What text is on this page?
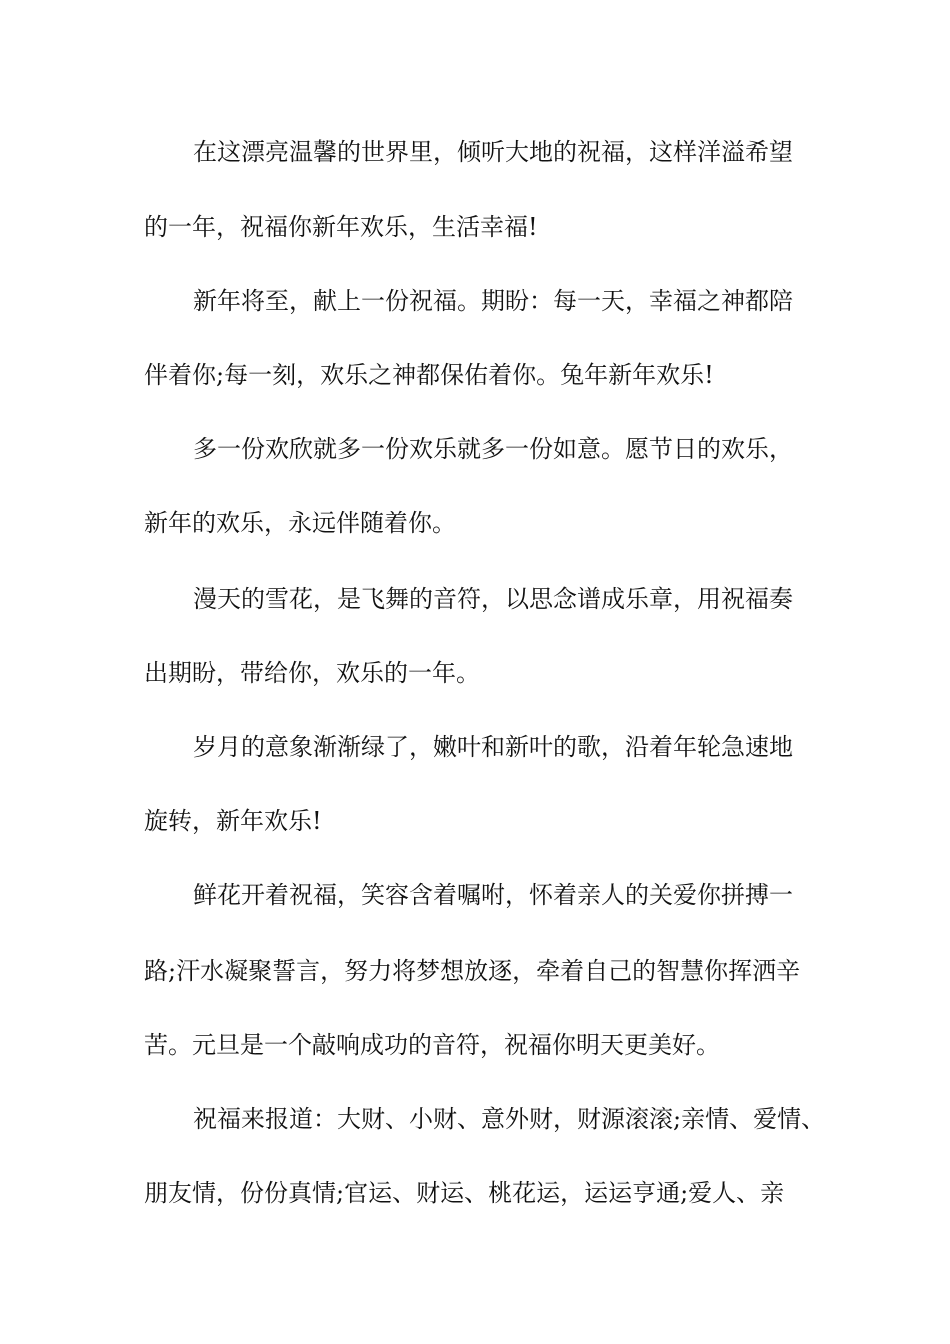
在这漂亮温馨的世界里，倾听大地的祝福，这样洋溢希望
的一年，祝福你新年欢乐，生活幸福!
新年将至，献上一份祝福。期盼：每一天，幸福之神都陪
伴着你;每一刻，欢乐之神都保佑着你。兔年新年欢乐!
多一份欢欣就多一份欢乐就多一份如意。愿节日的欢乐，
新年的欢乐，永远伴随着你。
漫天的雪花，是飞舞的音符，以思念谱成乐章，用祝福奏
出期盼，带给你，欢乐的一年。
岁月的意象渐渐绿了，嫩叶和新叶的歌，沿着年轮急速地
旋转，新年欢乐!
鲜花开着祝福，笑容含着嘱咐，怀着亲人的关爱你拼搏一
路;汗水凝聚誓言，努力将梦想放逐，牵着自己的智慧你挥洒辛
苦。元旦是一个敲响成功的音符，祝福你明天更美好。
祝福来报道：大财、小财、意外财，财源滚滚;亲情、爱情、
朋友情，份份真情;官运、财运、桃花运，运运亨通;爱人、亲
